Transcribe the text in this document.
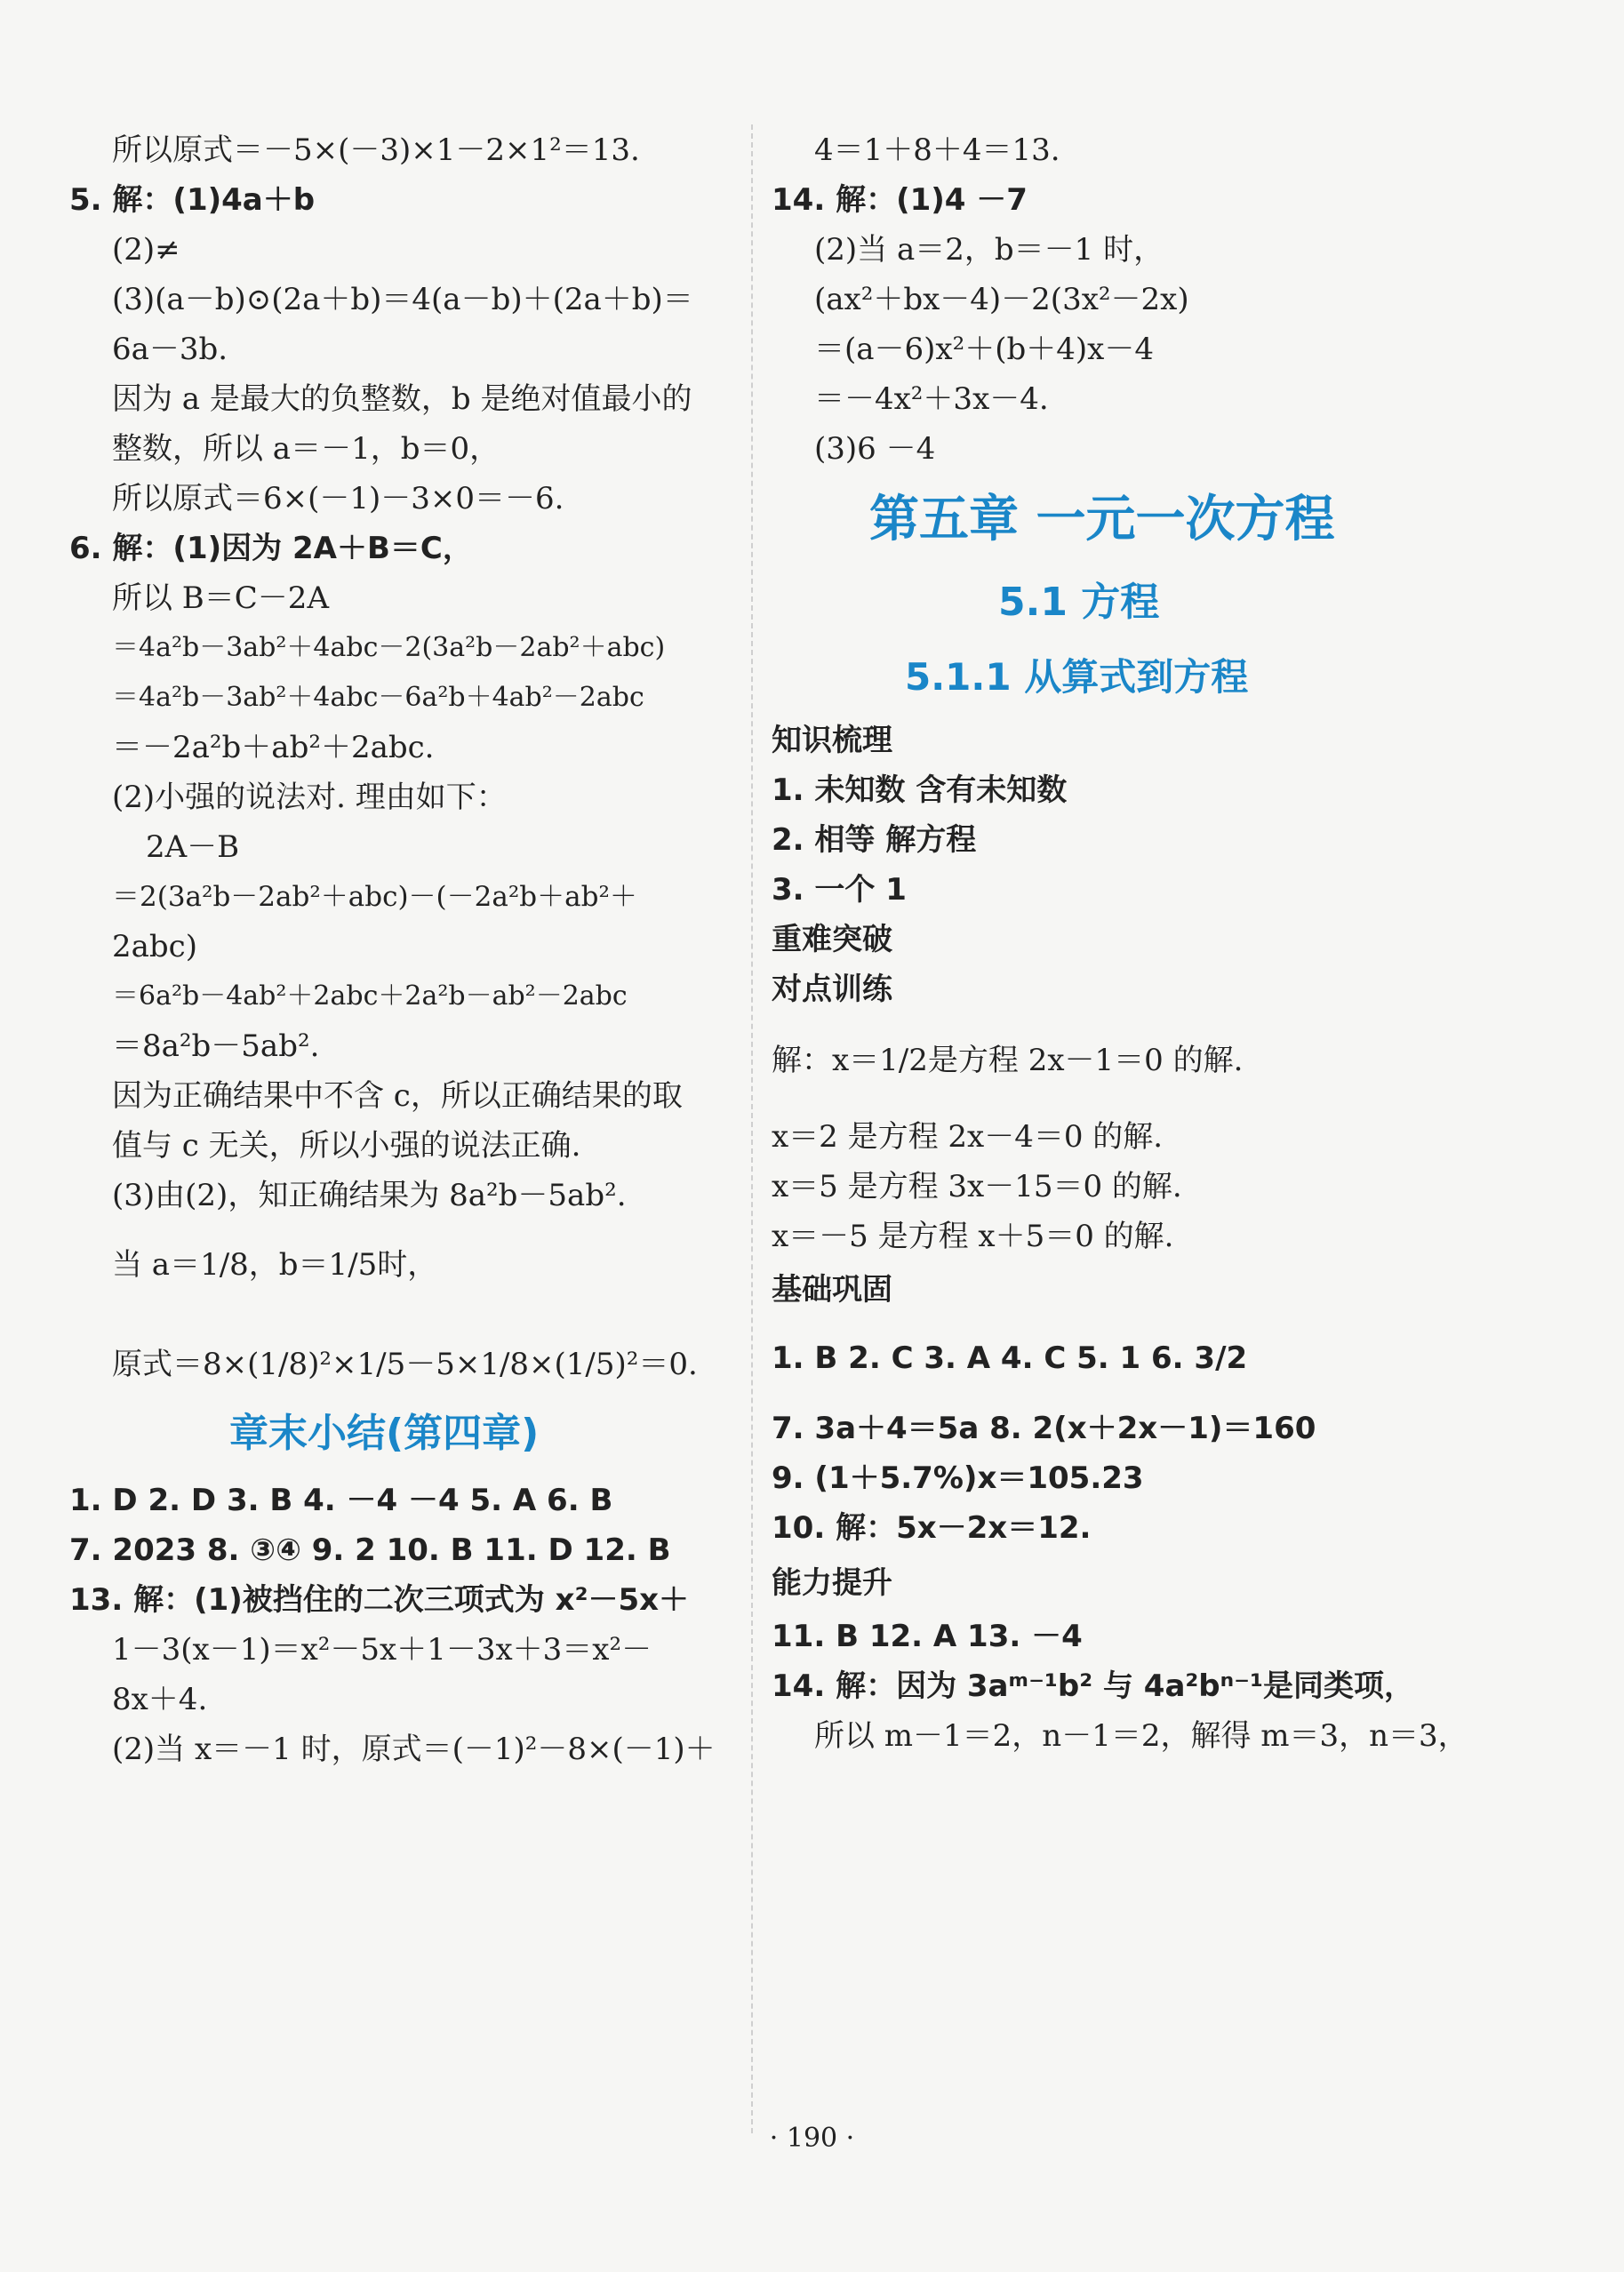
所以原式＝－5×(－3)×1－2×1²＝13.
5. 解：(1)4a＋b
(2)≠
(3)(a－b)⊙(2a＋b)＝4(a－b)＋(2a＋b)＝
6a－3b.
因为 a 是最大的负整数，b 是绝对值最小的
整数，所以 a＝－1，b＝0，
所以原式＝6×(－1)－3×0＝－6.
6. 解：(1)因为 2A＋B＝C，
所以 B＝C－2A
＝4a²b－3ab²＋4abc－2(3a²b－2ab²＋abc)
＝4a²b－3ab²＋4abc－6a²b＋4ab²－2abc
＝－2a²b＋ab²＋2abc.
(2)小强的说法对. 理由如下：
2A－B
＝2(3a²b－2ab²＋abc)－(－2a²b＋ab²＋
2abc)
＝6a²b－4ab²＋2abc＋2a²b－ab²－2abc
＝8a²b－5ab².
因为正确结果中不含 c，所以正确结果的取
值与 c 无关，所以小强的说法正确.
(3)由(2)，知正确结果为 8a²b－5ab².
当 a＝1/8，b＝1/5时，
原式＝8×(1/8)²×1/5－5×1/8×(1/5)²＝0.
章末小结(第四章)
1. D 2. D 3. B 4. －4 －4 5. A 6. B
7. 2023 8. ③④ 9. 2 10. B 11. D 12. B
13. 解：(1)被挡住的二次三项式为 x²－5x＋
1－3(x－1)＝x²－5x＋1－3x＋3＝x²－
8x＋4.
(2)当 x＝－1 时，原式＝(－1)²－8×(－1)＋
4＝1＋8＋4＝13.
14. 解：(1)4 －7
(2)当 a＝2，b＝－1 时，
(ax²＋bx－4)－2(3x²－2x)
＝(a－6)x²＋(b＋4)x－4
＝－4x²＋3x－4.
(3)6 －4
第五章 一元一次方程
5.1 方程
5.1.1 从算式到方程
知识梳理
1. 未知数 含有未知数
2. 相等 解方程
3. 一个 1
重难突破
对点训练
解：x＝1/2是方程 2x－1＝0 的解.
x＝2 是方程 2x－4＝0 的解.
x＝5 是方程 3x－15＝0 的解.
x＝－5 是方程 x＋5＝0 的解.
基础巩固
1. B 2. C 3. A 4. C 5. 1 6. 3/2
7. 3a＋4＝5a 8. 2(x＋2x－1)＝160
9. (1＋5.7%)x＝105.23
10. 解：5x－2x＝12.
能力提升
11. B 12. A 13. －4
14. 解：因为 3aᵐ⁻¹b² 与 4a²bⁿ⁻¹是同类项，
所以 m－1＝2，n－1＝2，解得 m＝3，n＝3，
· 190 ·
